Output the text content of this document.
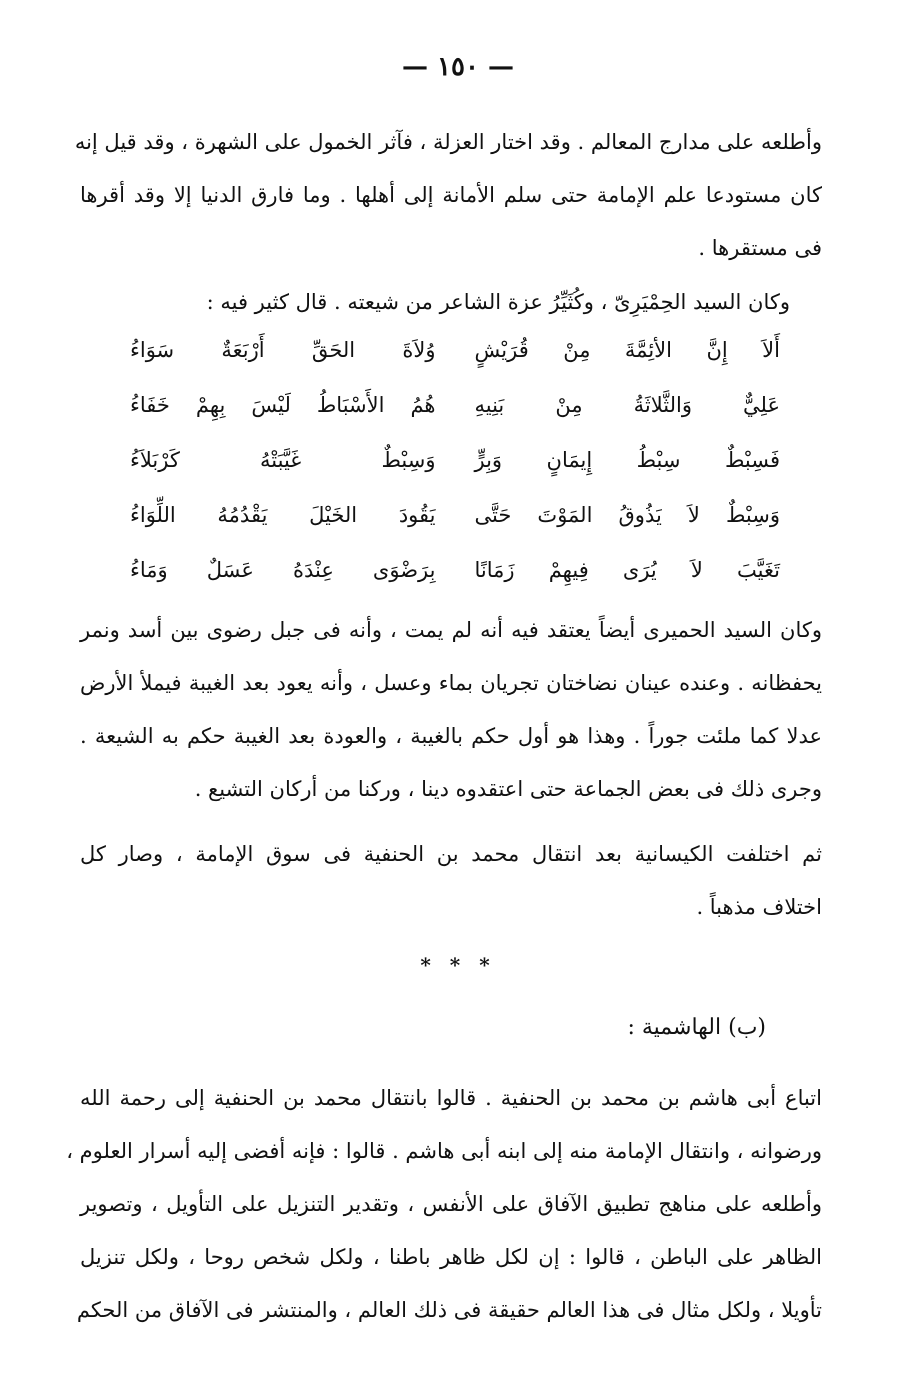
— ١٥٠ —
وأطلعه على مدارج المعالم . وقد اختار العزلة ، فآثر الخمول على الشهرة ، وقد قيل إنه
كان مستودعا علم الإمامة حتى سلم الأمانة إلى أهلها . وما فارق الدنيا إلا وقد أقرها
فى مستقرها .
وكان السيد الحِمْيَرِىّ ، وكُثَيِّرُ عزة الشاعر من شيعته . قال كثير فيه :
أَلاَ إِنَّ الأئِمَّةَ مِنْ قُرَيْشٍ
وُلاَةَ الحَقِّ أَرْبَعَةٌ سَوَاءُ
عَلِيٌّ وَالثَّلاثَةُ مِنْ بَنِيهِ
هُمُ الأَسْبَاطُ لَيْسَ بِهِمْ خَفَاءُ
فَسِبْطٌ سِبْطُ إِيمَانٍ وَبِرٍّ
وَسِبْطٌ غَيَّبَتْهُ كَرْبَلاَءُ
وَسِبْطٌ لاَ يَذُوقُ المَوْتَ حَتَّى
يَقُودَ الخَيْلَ يَقْدُمُهُ اللِّوَاءُ
تَغَيَّبَ لاَ يُرَى فِيهِمْ زَمَانًا
بِرَضْوَى عِنْدَهُ عَسَلٌ وَمَاءُ
وكان السيد الحميرى أيضاً يعتقد فيه أنه لم يمت ، وأنه فى جبل رضوى بين أسد ونمر
يحفظانه . وعنده عينان نضاختان تجريان بماء وعسل ، وأنه يعود بعد الغيبة فيملأ الأرض
عدلا كما ملئت جوراً . وهذا هو أول حكم بالغيبة ، والعودة بعد الغيبة حكم به الشيعة .
وجرى ذلك فى بعض الجماعة حتى اعتقدوه دينا ، وركنا من أركان التشيع .
ثم اختلفت الكيسانية بعد انتقال محمد بن الحنفية فى سوق الإمامة ، وصار كل
اختلاف مذهباً .
* * *
(ب) الهاشمية :
اتباع أبى هاشم بن محمد بن الحنفية . قالوا بانتقال محمد بن الحنفية إلى رحمة الله
ورضوانه ، وانتقال الإمامة منه إلى ابنه أبى هاشم . قالوا : فإنه أفضى إليه أسرار العلوم ،
وأطلعه على مناهج تطبيق الآفاق على الأنفس ، وتقدير التنزيل على التأويل ، وتصوير
الظاهر على الباطن ، قالوا : إن لكل ظاهر باطنا ، ولكل شخص روحا ، ولكل تنزيل
تأويلا ، ولكل مثال فى هذا العالم حقيقة فى ذلك العالم ، والمنتشر فى الآفاق من الحكم
